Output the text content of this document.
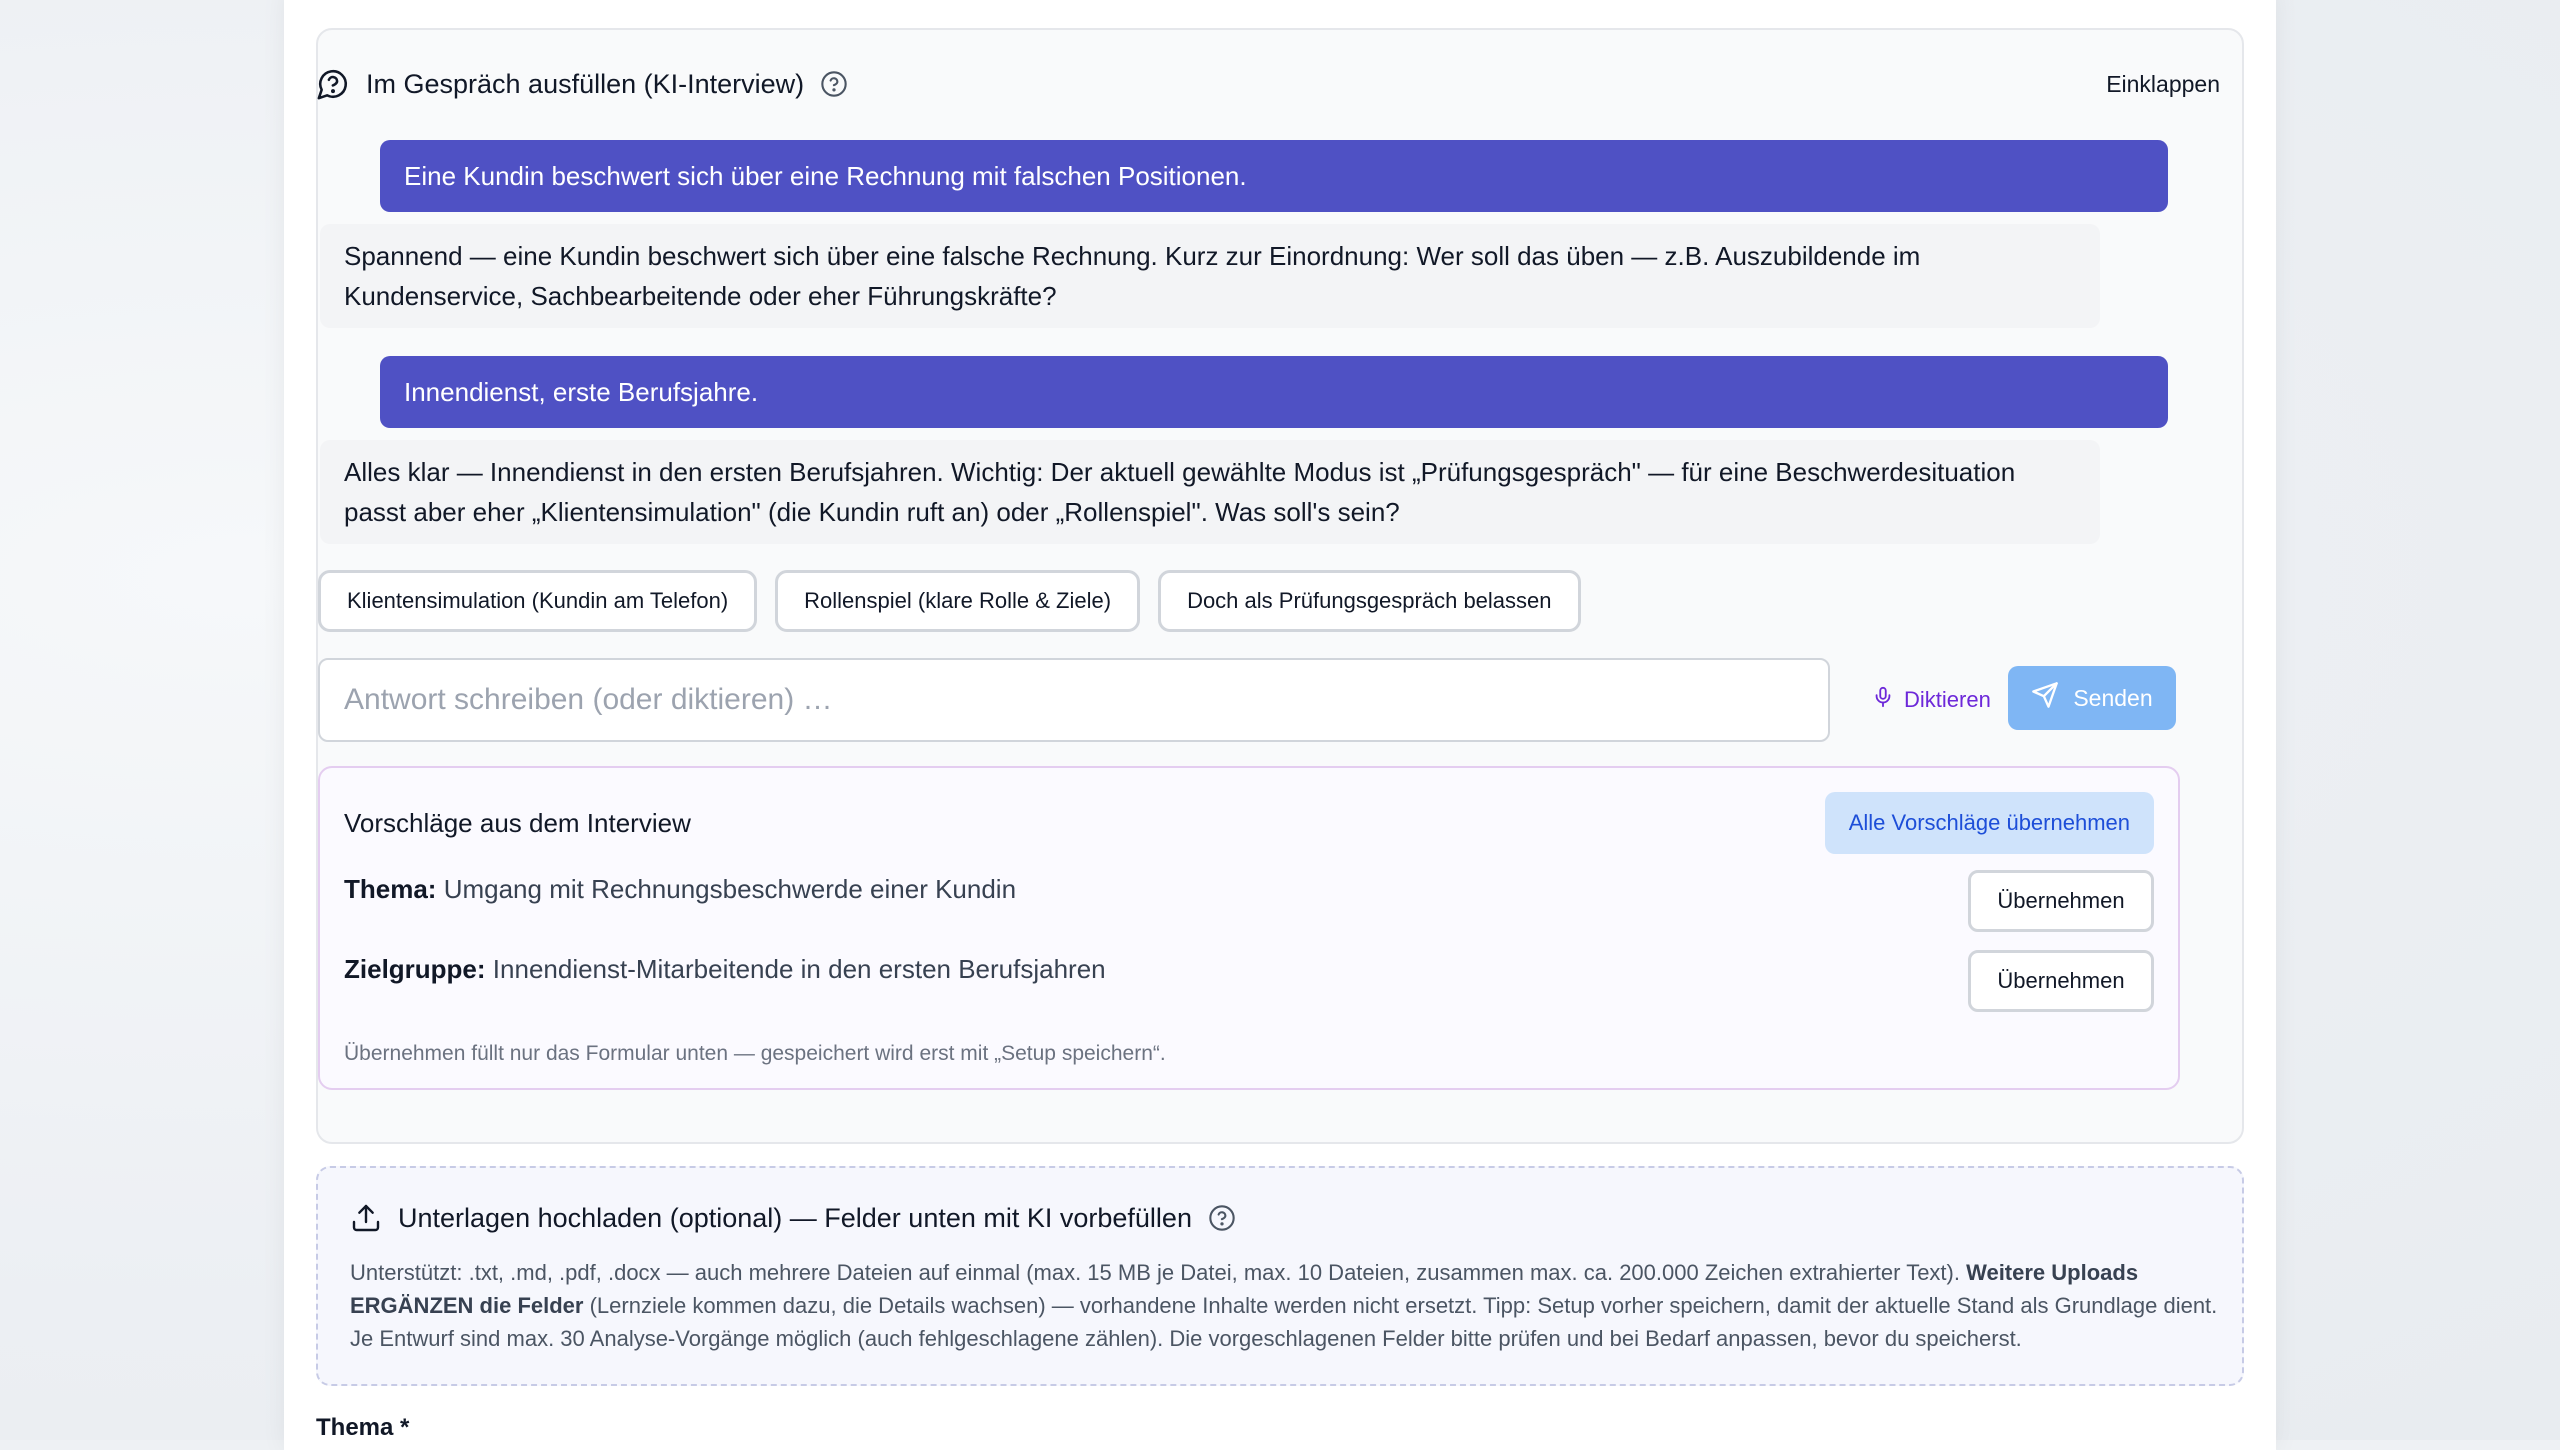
Im Gespräch ausfüllen (KI-Interview)	Einklappen
Eine Kundin beschwert sich über eine Rechnung mit falschen Positionen.
Spannend — eine Kundin beschwert sich über eine falsche Rechnung. Kurz zur Einordnung: Wer soll das üben — z.B. Auszubildende im Kundenservice, Sachbearbeitende oder eher Führungskräfte?
Innendienst, erste Berufsjahre.
Alles klar — Innendienst in den ersten Berufsjahren. Wichtig: Der aktuell gewählte Modus ist „Prüfungsgespräch" — für eine Beschwerdesituation passt aber eher „Klientensimulation" (die Kundin ruft an) oder „Rollenspiel". Was soll's sein?
Klientensimulation (Kundin am Telefon)	Rollenspiel (klare Rolle & Ziele)	Doch als Prüfungsgespräch belassen
Antwort schreiben (oder diktieren) …
Diktieren	Senden
Vorschläge aus dem Interview	Alle Vorschläge übernehmen
Thema: Umgang mit Rechnungsbeschwerde einer Kundin	Übernehmen
Zielgruppe: Innendienst-Mitarbeitende in den ersten Berufsjahren	Übernehmen
Übernehmen füllt nur das Formular unten — gespeichert wird erst mit „Setup speichern“.
Unterlagen hochladen (optional) — Felder unten mit KI vorbefüllen
Unterstützt: .txt, .md, .pdf, .docx — auch mehrere Dateien auf einmal (max. 15 MB je Datei, max. 10 Dateien, zusammen max. ca. 200.000 Zeichen extrahierter Text). Weitere Uploads ERGÄNZEN die Felder (Lernziele kommen dazu, die Details wachsen) — vorhandene Inhalte werden nicht ersetzt. Tipp: Setup vorher speichern, damit der aktuelle Stand als Grundlage dient. Je Entwurf sind max. 30 Analyse-Vorgänge möglich (auch fehlgeschlagene zählen). Die vorgeschlagenen Felder bitte prüfen und bei Bedarf anpassen, bevor du speicherst.
Thema *
